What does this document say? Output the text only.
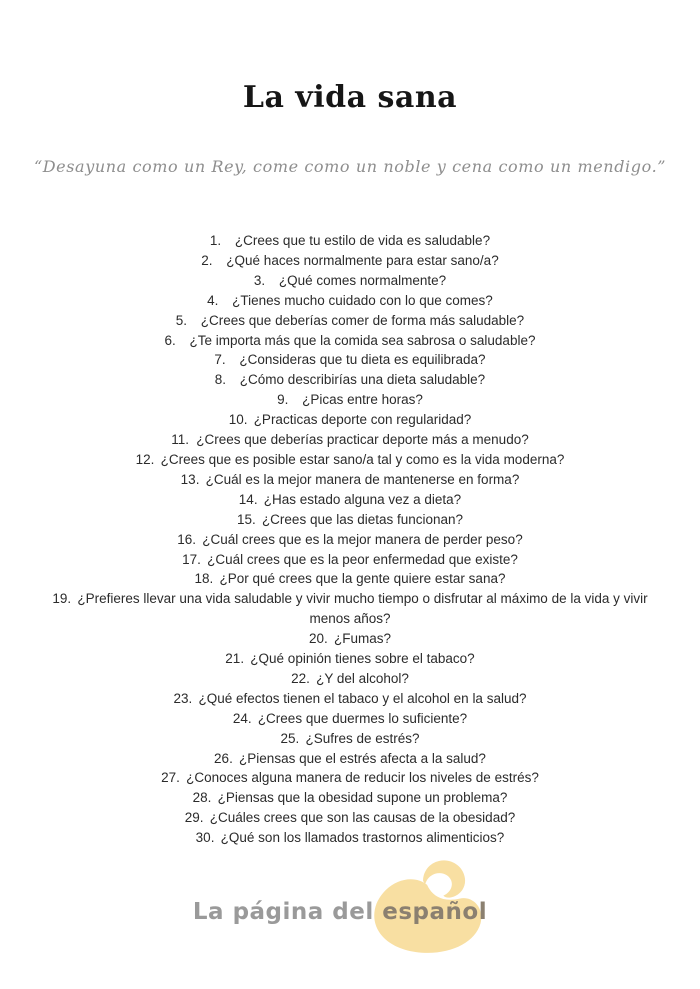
La vida sana

“Desayuna como un Rey, come como un noble y cena como un mendigo.”

1. ¿Crees que tu estilo de vida es saludable?
2. ¿Qué haces normalmente para estar sano/a?
3. ¿Qué comes normalmente?
4. ¿Tienes mucho cuidado con lo que comes?
5. ¿Crees que deberías comer de forma más saludable?
6. ¿Te importa más que la comida sea sabrosa o saludable?
7. ¿Consideras que tu dieta es equilibrada?
8. ¿Cómo describirías una dieta saludable?
9. ¿Picas entre horas?
10. ¿Practicas deporte con regularidad?
11. ¿Crees que deberías practicar deporte más a menudo?
12. ¿Crees que es posible estar sano/a tal y como es la vida moderna?
13. ¿Cuál es la mejor manera de mantenerse en forma?
14. ¿Has estado alguna vez a dieta?
15. ¿Crees que las dietas funcionan?
16. ¿Cuál crees que es la mejor manera de perder peso?
17. ¿Cuál crees que es la peor enfermedad que existe?
18. ¿Por qué crees que la gente quiere estar sana?
19. ¿Prefieres llevar una vida saludable y vivir mucho tiempo o disfrutar al máximo de la vida y vivir menos años?
20. ¿Fumas?
21. ¿Qué opinión tienes sobre el tabaco?
22. ¿Y del alcohol?
23. ¿Qué efectos tienen el tabaco y el alcohol en la salud?
24. ¿Crees que duermes lo suficiente?
25. ¿Sufres de estrés?
26. ¿Piensas que el estrés afecta a la salud?
27. ¿Conoces alguna manera de reducir los niveles de estrés?
28. ¿Piensas que la obesidad supone un problema?
29. ¿Cuáles crees que son las causas de la obesidad?
30. ¿Qué son los llamados trastornos alimenticios?
La página del español
